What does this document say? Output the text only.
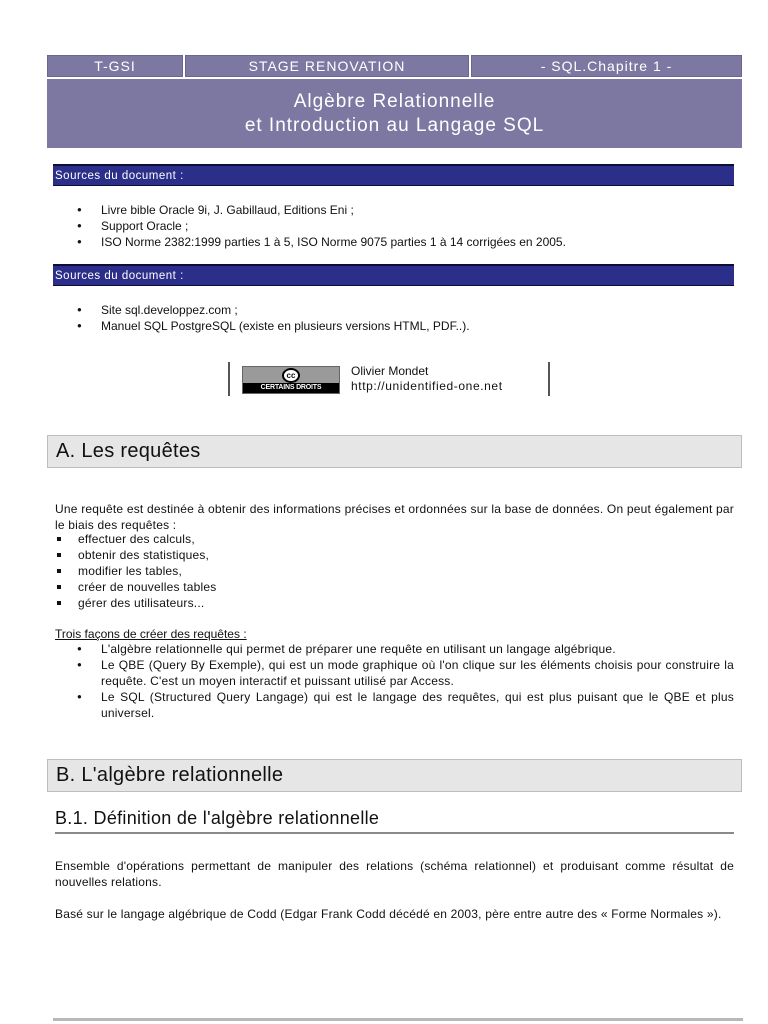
T-GSI	STAGE RENOVATION	- SQL.Chapitre 1 -
Algèbre Relationnelle
et Introduction au Langage SQL
Sources du document :
● Livre bible Oracle 9i, J. Gabillaud, Editions Eni ;
● Support Oracle ;
● ISO Norme 2382:1999 parties 1 à 5, ISO Norme 9075 parties 1 à 14 corrigées en 2005.
Sources du document :
● Site sql.developpez.com ;
● Manuel SQL PostgreSQL (existe en plusieurs versions HTML, PDF..).
cc
CERTAINS DROITS RESERVES
Olivier Mondet
http://unidentified-one.net
A. Les requêtes
Une requête est destinée à obtenir des informations précises et ordonnées sur la base de données. On peut également par le biais des requêtes :
effectuer des calculs,
obtenir des statistiques,
modifier les tables,
créer de nouvelles tables
gérer des utilisateurs...
Trois façons de créer des requêtes :
● L'algèbre relationnelle qui permet de préparer une requête en utilisant un langage algébrique.
● Le QBE (Query By Exemple), qui est un mode graphique où l'on clique sur les éléments choisis pour construire la requête. C'est un moyen interactif et puissant utilisé par Access.
● Le SQL (Structured Query Langage) qui est le langage des requêtes, qui est plus puisant que le QBE et plus universel.
B. L'algèbre relationnelle
B.1. Définition de l'algèbre relationnelle
Ensemble d'opérations permettant de manipuler des relations (schéma relationnel) et produisant comme résultat de nouvelles relations.
Basé sur le langage algébrique de Codd (Edgar Frank Codd décédé en 2003, père entre autre des « Forme Normales »).
